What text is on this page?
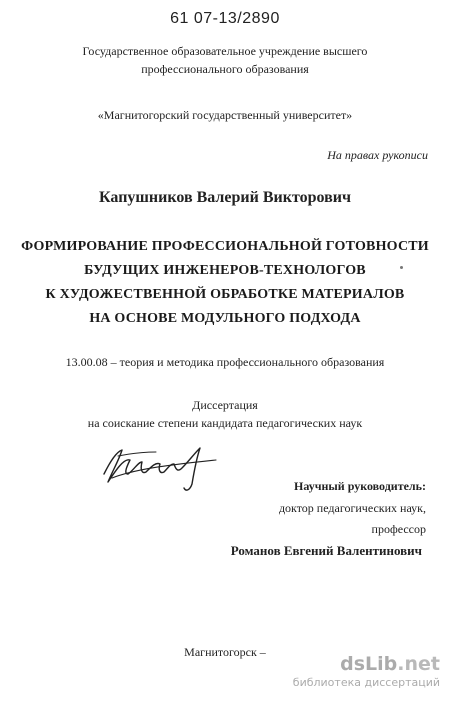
61 07-13/2890
Государственное образовательное учреждение высшего
профессионального образования
«Магнитогорский государственный университет»
На правах рукописи
Капушников Валерий Викторович
ФОРМИРОВАНИЕ ПРОФЕССИОНАЛЬНОЙ ГОТОВНОСТИ
БУДУЩИХ ИНЖЕНЕРОВ-ТЕХНОЛОГОВ
К ХУДОЖЕСТВЕННОЙ ОБРАБОТКЕ МАТЕРИАЛОВ
НА ОСНОВЕ МОДУЛЬНОГО ПОДХОДА
13.00.08 – теория и методика профессионального образования
Диссертация
на соискание степени кандидата педагогических наук
Научный руководитель:
доктор педагогических наук,
профессор
Романов Евгений Валентинович
Магнитогорск –
dsLib.net
библиотека диссертаций
